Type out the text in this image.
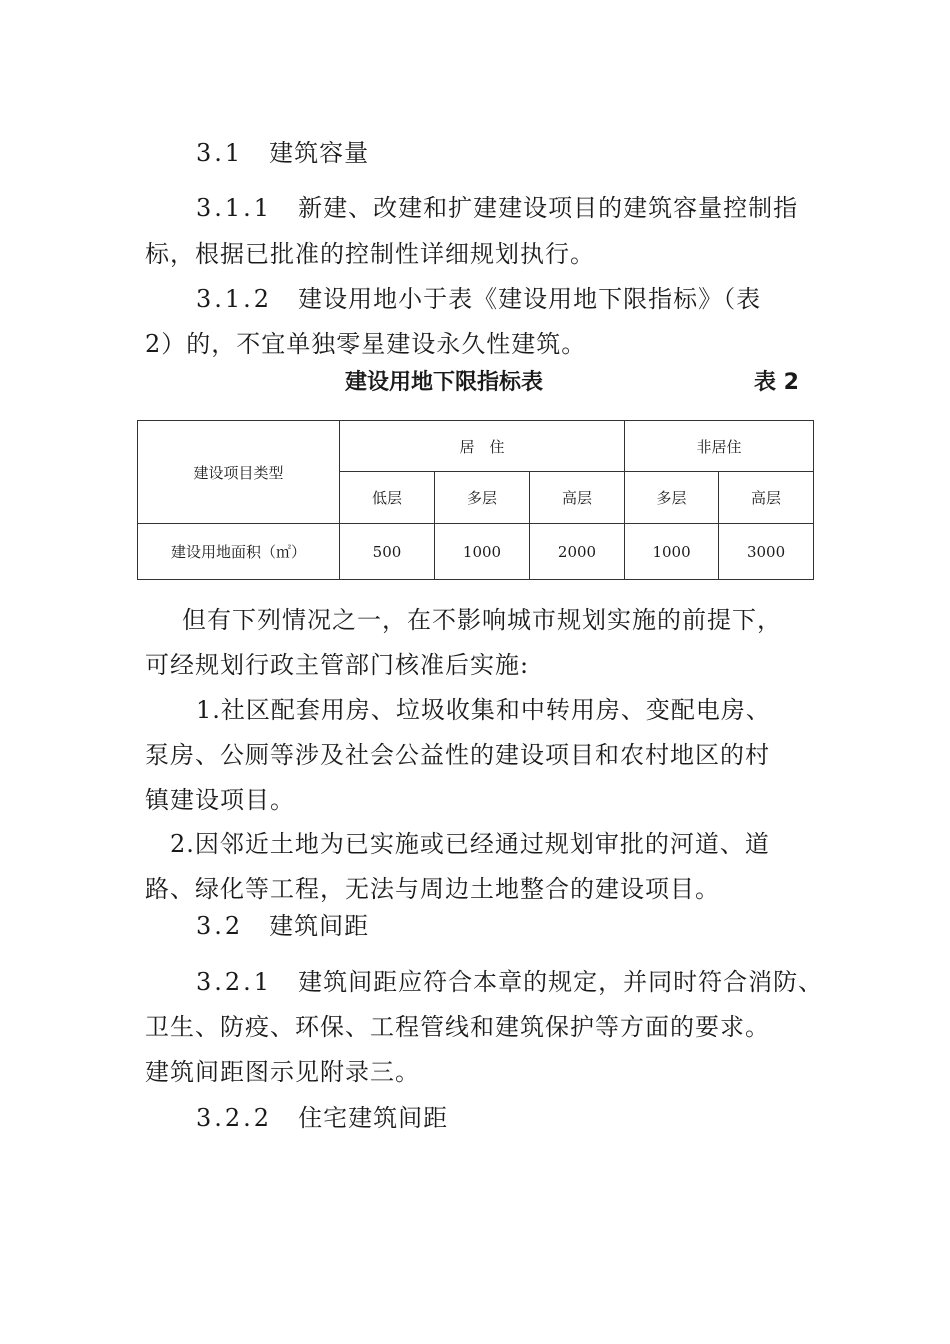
3.1 建筑容量
3.1.1 新建、改建和扩建建设项目的建筑容量控制指
标，根据已批准的控制性详细规划执行。
3.1.2 建设用地小于表《建设用地下限指标》（表
2）的，不宜单独零星建设永久性建筑。
建设用地下限指标表	表 2
建设项目类型	居　住			非居住	
	低层	多层	高层	多层	高层
建设用地面积（㎡）	500	1000	2000	1000	3000
但有下列情况之一，在不影响城市规划实施的前提下，
可经规划行政主管部门核准后实施:
1.社区配套用房、垃圾收集和中转用房、变配电房、
泵房、公厕等涉及社会公益性的建设项目和农村地区的村
镇建设项目。
2.因邻近土地为已实施或已经通过规划审批的河道、道
路、绿化等工程，无法与周边土地整合的建设项目。
3.2 建筑间距
3.2.1 建筑间距应符合本章的规定，并同时符合消防、
卫生、防疫、环保、工程管线和建筑保护等方面的要求。
建筑间距图示见附录三。
3.2.2 住宅建筑间距
